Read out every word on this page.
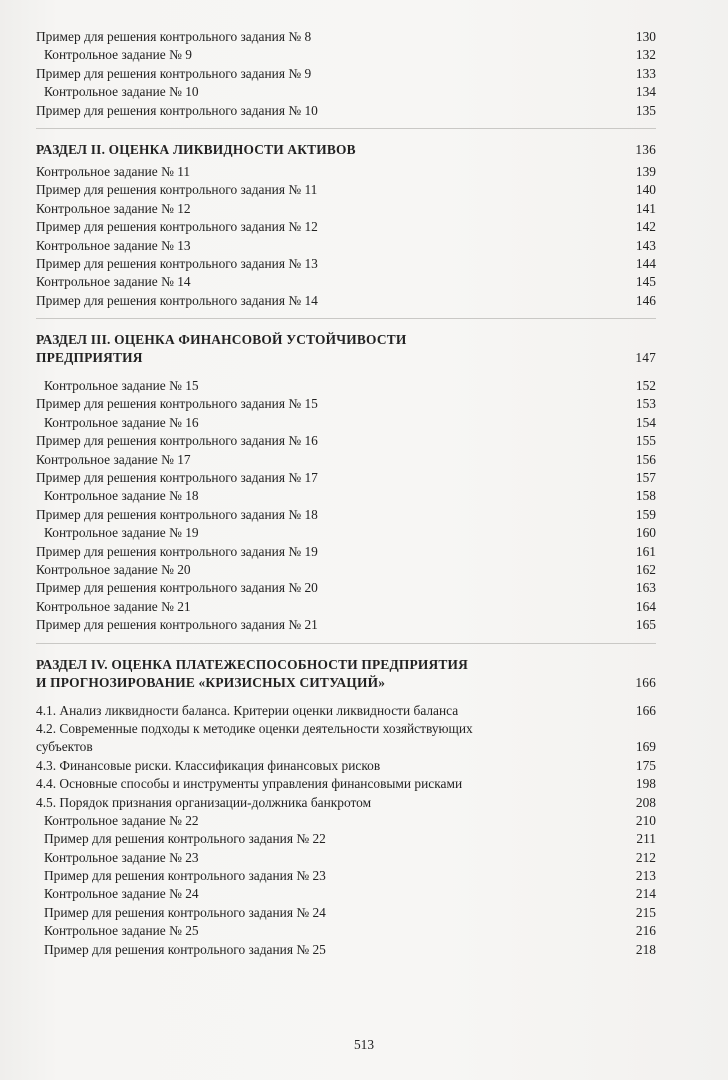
Пример для решения контрольного задания № 8	130
Контрольное задание № 9	132
Пример для решения контрольного задания № 9	133
Контрольное задание № 10	134
Пример для решения контрольного задания № 10	135
РАЗДЕЛ II. ОЦЕНКА ЛИКВИДНОСТИ АКТИВОВ	136
Контрольное задание № 11	139
Пример для решения контрольного задания № 11	140
Контрольное задание № 12	141
Пример для решения контрольного задания № 12	142
Контрольное задание № 13	143
Пример для решения контрольного задания № 13	144
Контрольное задание № 14	145
Пример для решения контрольного задания № 14	146
РАЗДЕЛ III. ОЦЕНКА ФИНАНСОВОЙ УСТОЙЧИВОСТИ
ПРЕДПРИЯТИЯ	147
Контрольное задание № 15	152
Пример для решения контрольного задания № 15	153
Контрольное задание № 16	154
Пример для решения контрольного задания № 16	155
Контрольное задание № 17	156
Пример для решения контрольного задания № 17	157
Контрольное задание № 18	158
Пример для решения контрольного задания № 18	159
Контрольное задание № 19	160
Пример для решения контрольного задания № 19	161
Контрольное задание № 20	162
Пример для решения контрольного задания № 20	163
Контрольное задание № 21	164
Пример для решения контрольного задания № 21	165
РАЗДЕЛ IV. ОЦЕНКА ПЛАТЕЖЕСПОСОБНОСТИ ПРЕДПРИЯТИЯ
И ПРОГНОЗИРОВАНИЕ «КРИЗИСНЫХ СИТУАЦИЙ»	166
4.1. Анализ ликвидности баланса. Критерии оценки ликвидности баланса	166
4.2. Современные подходы к методике оценки деятельности хозяйствующих
субъектов	169
4.3. Финансовые риски. Классификация финансовых рисков	175
4.4. Основные способы и инструменты управления финансовыми рисками	198
4.5. Порядок признания организации-должника банкротом	208
Контрольное задание № 22	210
Пример для решения контрольного задания № 22	211
Контрольное задание № 23	212
Пример для решения контрольного задания № 23	213
Контрольное задание № 24	214
Пример для решения контрольного задания № 24	215
Контрольное задание № 25	216
Пример для решения контрольного задания № 25	218
513
